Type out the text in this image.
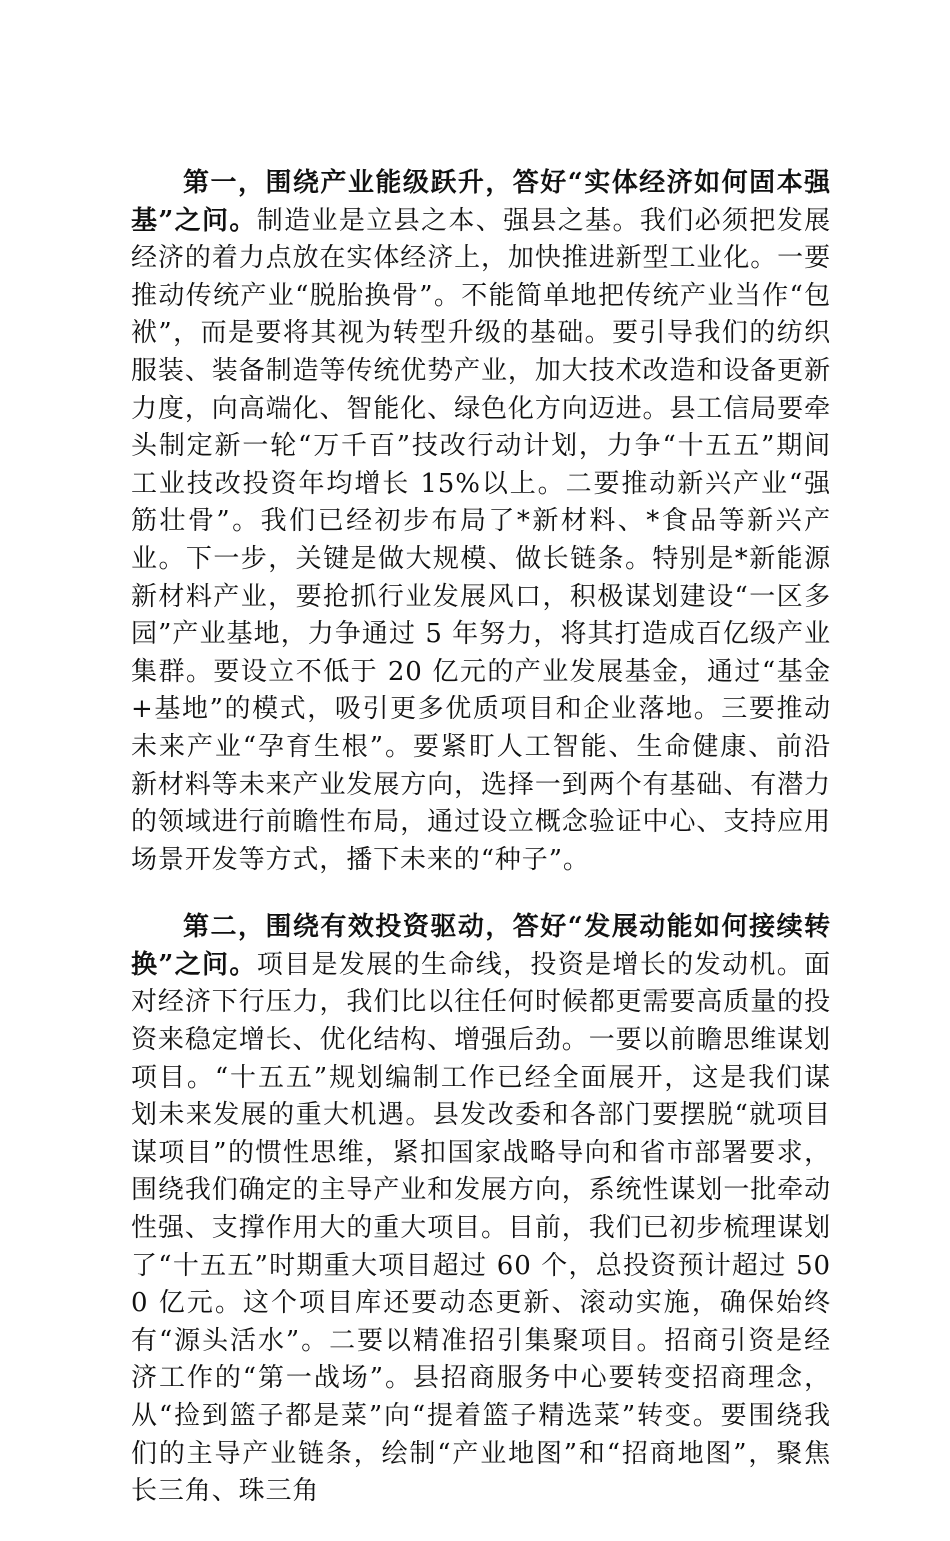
第一，围绕产业能级跃升，答好“实体经济如何固本强基”之问。制造业是立县之本、强县之基。我们必须把发展经济的着力点放在实体经济上，加快推进新型工业化。一要推动传统产业“脱胎换骨”。不能简单地把传统产业当作“包袱”，而是要将其视为转型升级的基础。要引导我们的纺织服装、装备制造等传统优势产业，加大技术改造和设备更新力度，向高端化、智能化、绿色化方向迈进。县工信局要牵头制定新一轮“万千百”技改行动计划，力争“十五五”期间工业技改投资年均增长 15%以上。二要推动新兴产业“强筋壮骨”。我们已经初步布局了*新材料、*食品等新兴产业。下一步，关键是做大规模、做长链条。特别是*新能源新材料产业，要抢抓行业发展风口，积极谋划建设“一区多园”产业基地，力争通过 5 年努力，将其打造成百亿级产业集群。要设立不低于 20 亿元的产业发展基金，通过“基金+基地”的模式，吸引更多优质项目和企业落地。三要推动未来产业“孕育生根”。要紧盯人工智能、生命健康、前沿新材料等未来产业发展方向，选择一到两个有基础、有潜力的领域进行前瞻性布局，通过设立概念验证中心、支持应用场景开发等方式，播下未来的“种子”。

第二，围绕有效投资驱动，答好“发展动能如何接续转换”之问。项目是发展的生命线，投资是增长的发动机。面对经济下行压力，我们比以往任何时候都更需要高质量的投资来稳定增长、优化结构、增强后劲。一要以前瞻思维谋划项目。“十五五”规划编制工作已经全面展开，这是我们谋划未来发展的重大机遇。县发改委和各部门要摆脱“就项目谋项目”的惯性思维，紧扣国家战略导向和省市部署要求，围绕我们确定的主导产业和发展方向，系统性谋划一批牵动性强、支撑作用大的重大项目。目前，我们已初步梳理谋划了“十五五”时期重大项目超过 60 个，总投资预计超过 500 亿元。这个项目库还要动态更新、滚动实施，确保始终有“源头活水”。二要以精准招引集聚项目。招商引资是经济工作的“第一战场”。县招商服务中心要转变招商理念，从“捡到篮子都是菜”向“提着篮子精选菜”转变。要围绕我们的主导产业链条，绘制“产业地图”和“招商地图”，聚焦长三角、珠三角
